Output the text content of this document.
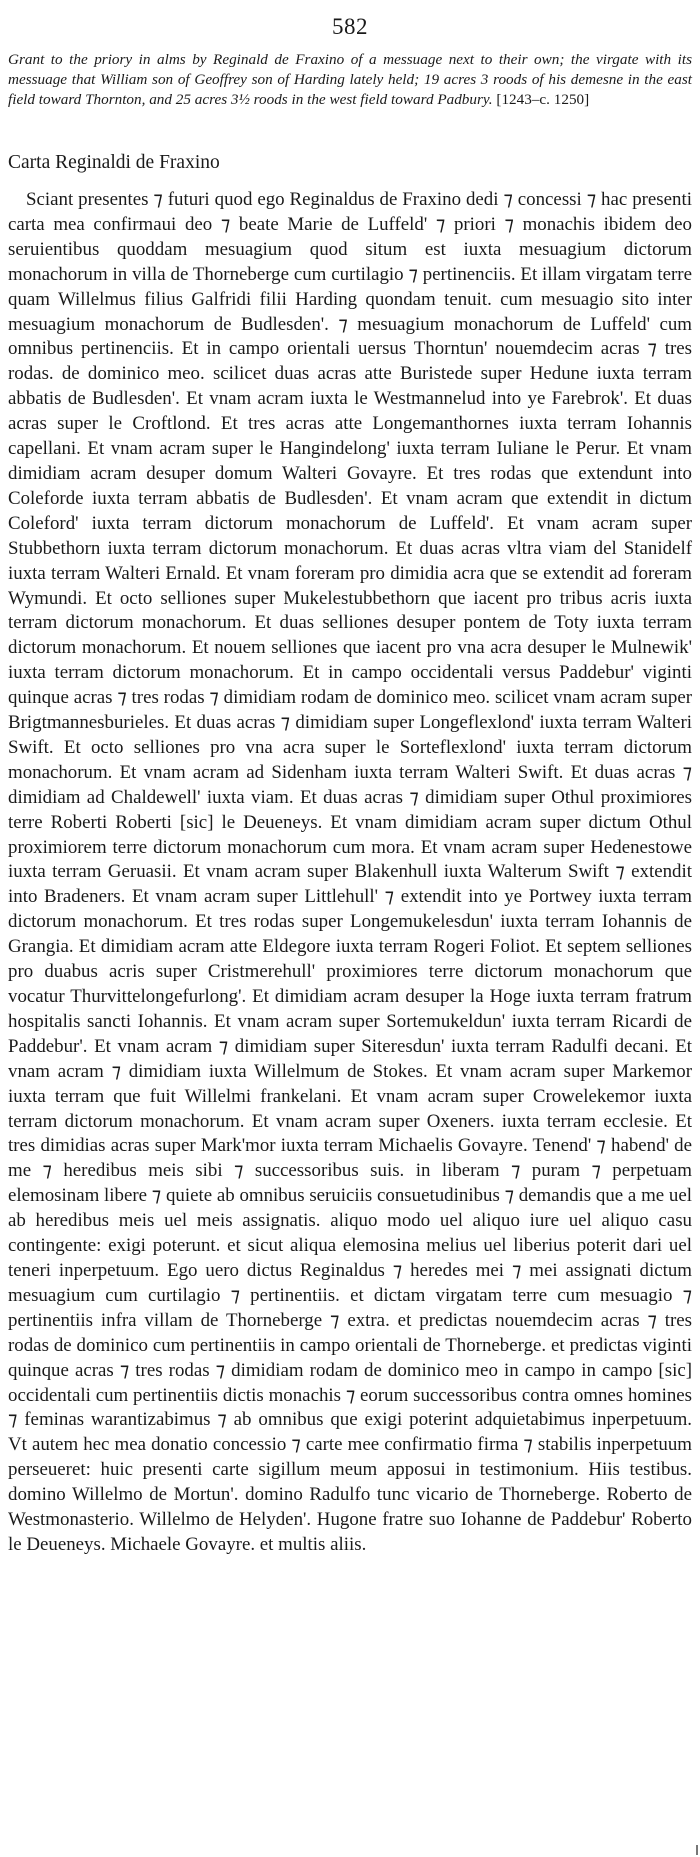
582
Grant to the priory in alms by Reginald de Fraxino of a messuage next to their own; the virgate with its messuage that William son of Geoffrey son of Harding lately held; 19 acres 3 roods of his demesne in the east field toward Thornton, and 25 acres 3½ roods in the west field toward Padbury. [1243–c. 1250]
Carta Reginaldi de Fraxino
Sciant presentes ⁊ futuri quod ego Reginaldus de Fraxino dedi ⁊ concessi ⁊ hac presenti carta mea confirmaui deo ⁊ beate Marie de Luffeld' ⁊ priori ⁊ monachis ibidem deo seruientibus quoddam mesuagium quod situm est iuxta mesuagium dictorum monachorum in villa de Thorneberge cum curtilagio ⁊ pertinenciis. Et illam virgatam terre quam Willelmus filius Galfridi filii Harding quondam tenuit. cum mesuagio sito inter mesuagium monachorum de Budlesden'. ⁊ mesuagium monachorum de Luffeld' cum omnibus pertinenciis. Et in campo orientali uersus Thorntun' nouemdecim acras ⁊ tres rodas. de dominico meo. scilicet duas acras atte Buristede super Hedune iuxta terram abbatis de Budlesden'. Et vnam acram iuxta le Westmannelud into ye Farebrok'. Et duas acras super le Croftlond. Et tres acras atte Longemanthornes iuxta terram Iohannis capellani. Et vnam acram super le Hangindelong' iuxta terram Iuliane le Perur. Et vnam dimidiam acram desuper domum Walteri Govayre. Et tres rodas que extendunt into Coleforde iuxta terram abbatis de Budlesden'. Et vnam acram que extendit in dictum Coleford' iuxta terram dictorum monachorum de Luffeld'. Et vnam acram super Stubbethorn iuxta terram dictorum monachorum. Et duas acras vltra viam del Stanidelf iuxta terram Walteri Ernald. Et vnam foreram pro dimidia acra que se extendit ad foreram Wymundi. Et octo selliones super Mukelestubbethorn que iacent pro tribus acris iuxta terram dictorum monachorum. Et duas selliones desuper pontem de Toty iuxta terram dictorum monachorum. Et nouem selliones que iacent pro vna acra desuper le Mulnewik' iuxta terram dictorum monachorum. Et in campo occidentali versus Paddebur' viginti quinque acras ⁊ tres rodas ⁊ dimidiam rodam de dominico meo. scilicet vnam acram super Brigtmannesburieles. Et duas acras ⁊ dimidiam super Longeflexlond' iuxta terram Walteri Swift. Et octo selliones pro vna acra super le Sorteflexlond' iuxta terram dictorum monachorum. Et vnam acram ad Sidenham iuxta terram Walteri Swift. Et duas acras ⁊ dimidiam ad Chaldewell' iuxta viam. Et duas acras ⁊ dimidiam super Othul proximiores terre Roberti Roberti [sic] le Deueneys. Et vnam dimidiam acram super dictum Othul proximiorem terre dictorum monachorum cum mora. Et vnam acram super Hedenestowe iuxta terram Geruasii. Et vnam acram super Blakenhull iuxta Walterum Swift ⁊ extendit into Bradeners. Et vnam acram super Littlehull' ⁊ extendit into ye Portwey iuxta terram dictorum monachorum. Et tres rodas super Longemukelesdun' iuxta terram Iohannis de Grangia. Et dimidiam acram atte Eldegore iuxta terram Rogeri Foliot. Et septem selliones pro duabus acris super Cristmerehull' proximiores terre dictorum monachorum que vocatur Thurvittelongefurlong'. Et dimidiam acram desuper la Hoge iuxta terram fratrum hospitalis sancti Iohannis. Et vnam acram super Sortemukeldun' iuxta terram Ricardi de Paddebur'. Et vnam acram ⁊ dimidiam super Siteresdun' iuxta terram Radulfi decani. Et vnam acram ⁊ dimidiam iuxta Willelmum de Stokes. Et vnam acram super Markemor iuxta terram que fuit Willelmi frankelani. Et vnam acram super Crowelekemor iuxta terram dictorum monachorum. Et vnam acram super Oxeners. iuxta terram ecclesie. Et tres dimidias acras super Mark'mor iuxta terram Michaelis Govayre. Tenend' ⁊ habend' de me ⁊ heredibus meis sibi ⁊ successoribus suis. in liberam ⁊ puram ⁊ perpetuam elemosinam libere ⁊ quiete ab omnibus seruiciis consuetudinibus ⁊ demandis que a me uel ab heredibus meis uel meis assignatis. aliquo modo uel aliquo iure uel aliquo casu contingente: exigi poterunt. et sicut aliqua elemosina melius uel liberius poterit dari uel teneri inperpetuum. Ego uero dictus Reginaldus ⁊ heredes mei ⁊ mei assignati dictum mesuagium cum curtilagio ⁊ pertinentiis. et dictam virgatam terre cum mesuagio ⁊ pertinentiis infra villam de Thorneberge ⁊ extra. et predictas nouemdecim acras ⁊ tres rodas de dominico cum pertinentiis in campo orientali de Thorneberge. et predictas viginti quinque acras ⁊ tres rodas ⁊ dimidiam rodam de dominico meo in campo in campo [sic] occidentali cum pertinentiis dictis monachis ⁊ eorum successoribus contra omnes homines ⁊ feminas warantizabimus ⁊ ab omnibus que exigi poterint adquietabimus inperpetuum. Vt autem hec mea donatio concessio ⁊ carte mee confirmatio firma ⁊ stabilis inperpetuum perseueret: huic presenti carte sigillum meum apposui in testimonium. Hiis testibus. domino Willelmo de Mortun'. domino Radulfo tunc vicario de Thorneberge. Roberto de Westmonasterio. Willelmo de Helyden'. Hugone fratre suo Iohanne de Paddebur' Roberto le Deueneys. Michaele Govayre. et multis aliis.
